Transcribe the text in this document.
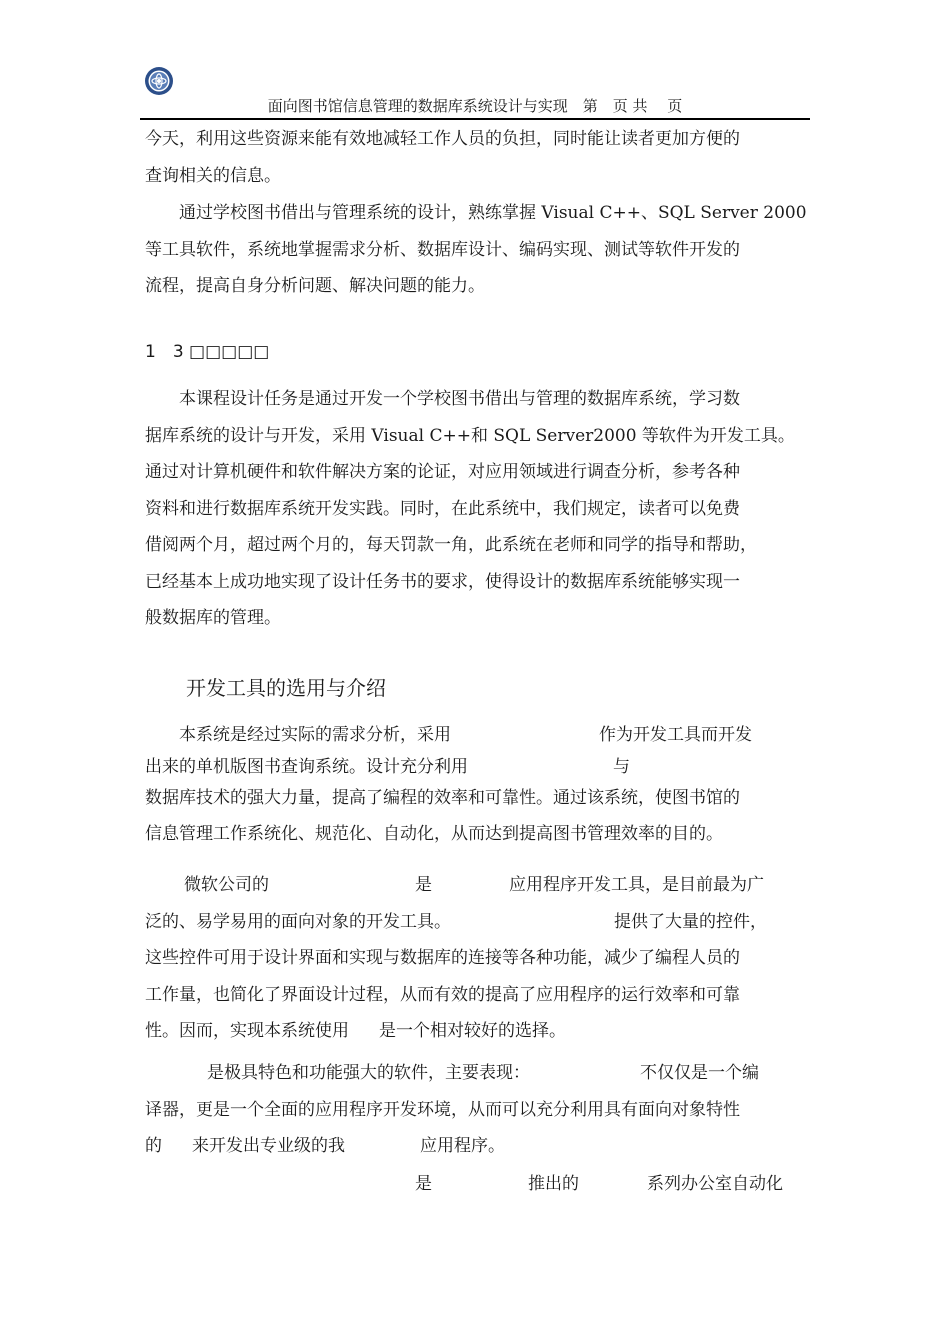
面向图书馆信息管理的数据库系统设计与实现　第　页 共　 页
今天，利用这些资源来能有效地减轻工作人员的负担，同时能让读者更加方便的
查询相关的信息。
通过学校图书借出与管理系统的设计，熟练掌握 Visual C++、SQL Server 2000
等工具软件，系统地掌握需求分析、数据库设计、编码实现、测试等软件开发的
流程，提高自身分析问题、解决问题的能力。
1　3 □□□□□
本课程设计任务是通过开发一个学校图书借出与管理的数据库系统，学习数
据库系统的设计与开发，采用 Visual C++和 SQL Server2000 等软件为开发工具。
通过对计算机硬件和软件解决方案的论证，对应用领域进行调查分析，参考各种
资料和进行数据库系统开发实践。同时，在此系统中，我们规定，读者可以免费
借阅两个月，超过两个月的，每天罚款一角，此系统在老师和同学的指导和帮助，
已经基本上成功地实现了设计任务书的要求，使得设计的数据库系统能够实现一
般数据库的管理。
开发工具的选用与介绍
本系统是经过实际的需求分析，采用	作为开发工具而开发
出来的单机版图书查询系统。设计充分利用	与
数据库技术的强大力量，提高了编程的效率和可靠性。通过该系统，使图书馆的
信息管理工作系统化、规范化、自动化，从而达到提高图书管理效率的目的。
微软公司的	是	应用程序开发工具，是目前最为广
泛的、易学易用的面向对象的开发工具。	提供了大量的控件，
这些控件可用于设计界面和实现与数据库的连接等各种功能，减少了编程人员的
工作量，也简化了界面设计过程，从而有效的提高了应用程序的运行效率和可靠
性。因而，实现本系统使用 是一个相对较好的选择。
是极具特色和功能强大的软件，主要表现：	不仅仅是一个编
译器，更是一个全面的应用程序开发环境，从而可以充分利用具有面向对象特性
的 来开发出专业级的我	应用程序。
是	推出的	系列办公室自动化
